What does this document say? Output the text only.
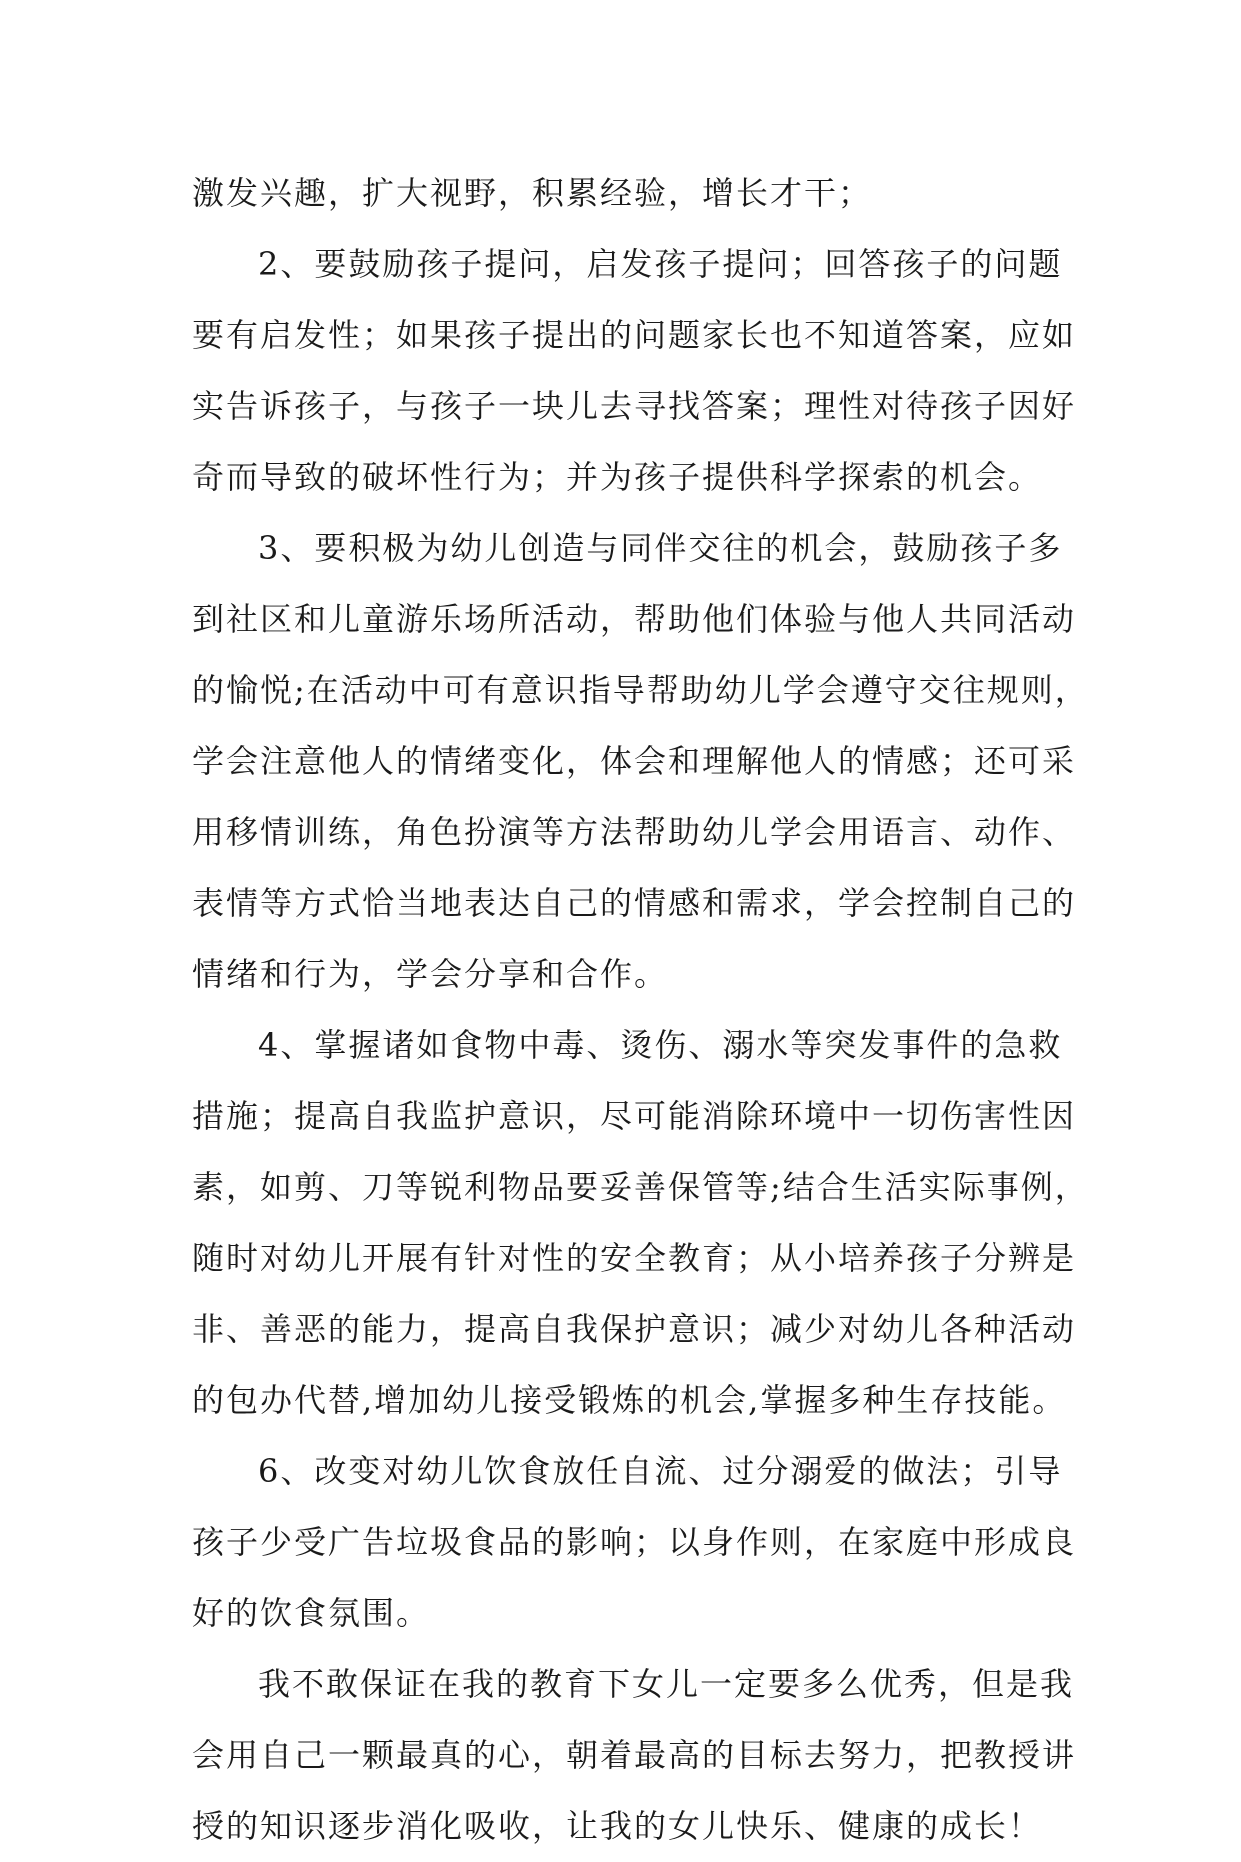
激发兴趣，扩大视野，积累经验，增长才干；

2、要鼓励孩子提问，启发孩子提问；回答孩子的问题
要有启发性；如果孩子提出的问题家长也不知道答案，应如
实告诉孩子，与孩子一块儿去寻找答案；理性对待孩子因好
奇而导致的破坏性行为；并为孩子提供科学探索的机会。

3、要积极为幼儿创造与同伴交往的机会，鼓励孩子多
到社区和儿童游乐场所活动，帮助他们体验与他人共同活动
的愉悦;在活动中可有意识指导帮助幼儿学会遵守交往规则，
学会注意他人的情绪变化，体会和理解他人的情感；还可采
用移情训练，角色扮演等方法帮助幼儿学会用语言、动作、
表情等方式恰当地表达自己的情感和需求，学会控制自己的
情绪和行为，学会分享和合作。

4、掌握诸如食物中毒、烫伤、溺水等突发事件的急救
措施；提高自我监护意识，尽可能消除环境中一切伤害性因
素，如剪、刀等锐利物品要妥善保管等;结合生活实际事例，
随时对幼儿开展有针对性的安全教育；从小培养孩子分辨是
非、善恶的能力，提高自我保护意识；减少对幼儿各种活动
的包办代替,增加幼儿接受锻炼的机会,掌握多种生存技能。

6、改变对幼儿饮食放任自流、过分溺爱的做法；引导
孩子少受广告垃圾食品的影响；以身作则，在家庭中形成良
好的饮食氛围。

我不敢保证在我的教育下女儿一定要多么优秀，但是我
会用自己一颗最真的心，朝着最高的目标去努力，把教授讲
授的知识逐步消化吸收，让我的女儿快乐、健康的成长！
